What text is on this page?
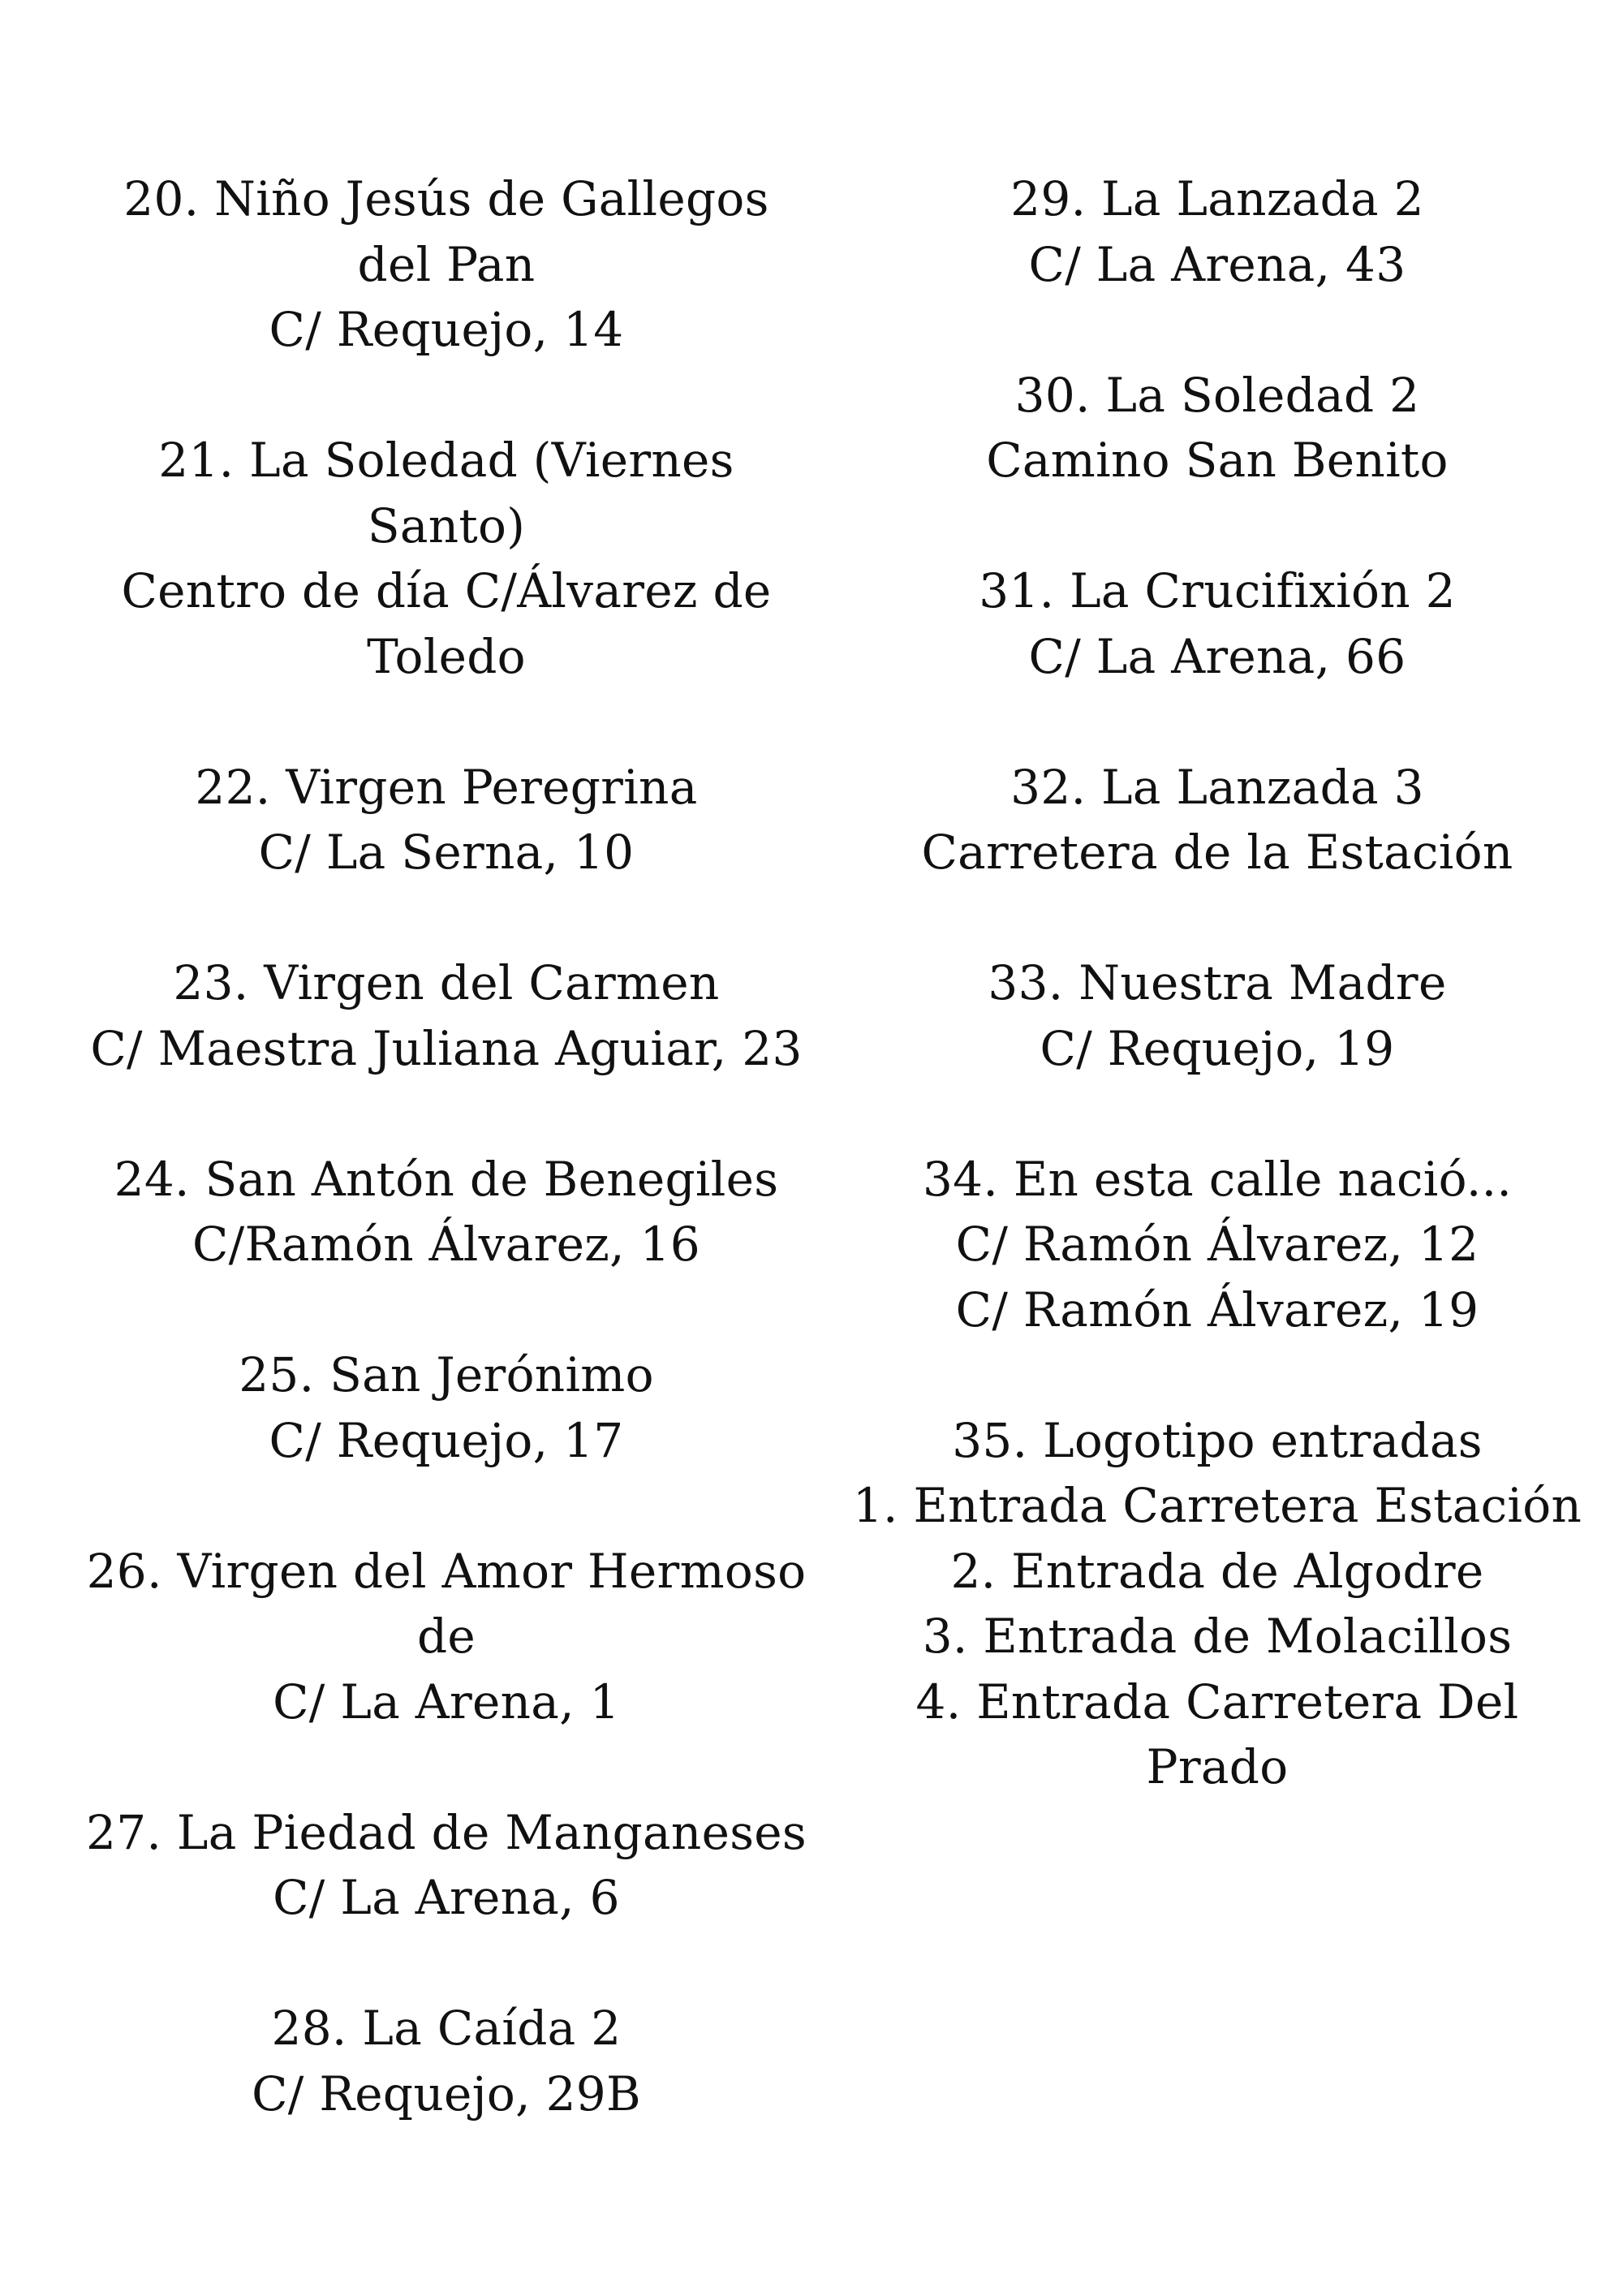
20. Niño Jesús de Gallegos del Pan
C/ Requejo, 14
21. La Soledad (Viernes Santo)
Centro de día C/Álvarez de Toledo
22. Virgen Peregrina
C/ La Serna, 10
23. Virgen del Carmen
C/ Maestra Juliana Aguiar, 23
24. San Antón de Benegiles
C/Ramón Álvarez, 16
25. San Jerónimo
C/ Requejo, 17
26. Virgen del Amor Hermoso de
C/ La Arena, 1
27. La Piedad de Manganeses
C/ La Arena, 6
28. La Caída 2
C/ Requejo, 29B
29. La Lanzada 2
C/ La Arena, 43
30. La Soledad 2
Camino San Benito
31. La Crucifixión 2
C/ La Arena, 66
32. La Lanzada 3
Carretera de la Estación
33. Nuestra Madre
C/ Requejo, 19
34. En esta calle nació...
C/ Ramón Álvarez, 12
C/ Ramón Álvarez, 19
35. Logotipo entradas
1. Entrada Carretera Estación
2. Entrada de Algodre
3. Entrada de Molacillos
4. Entrada Carretera Del Prado
